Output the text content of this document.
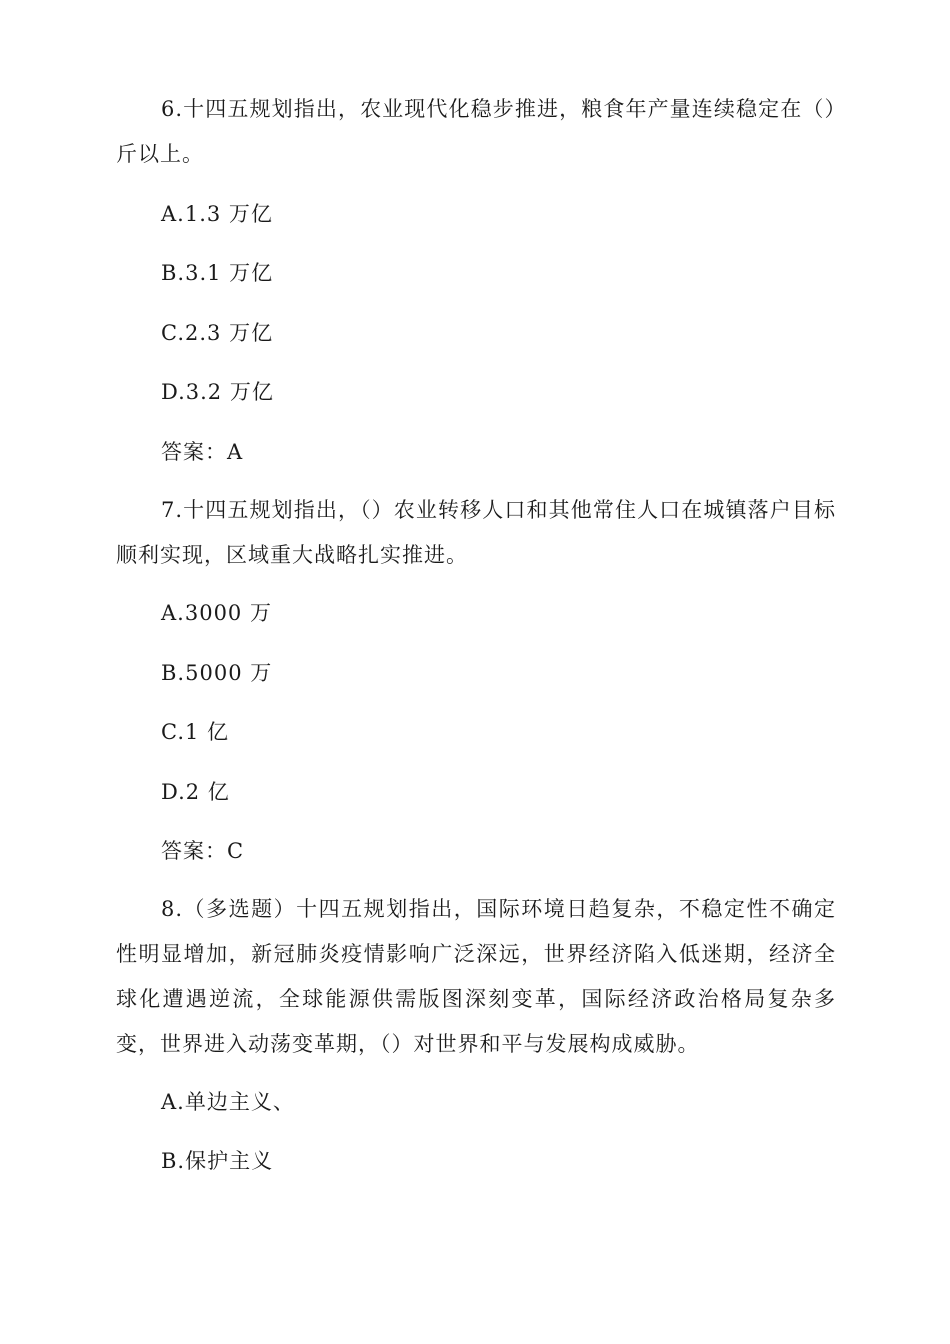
6.十四五规划指出，农业现代化稳步推进，粮食年产量连续稳定在（）斤以上。

A.1.3 万亿

B.3.1 万亿

C.2.3 万亿

D.3.2 万亿

答案：A

7.十四五规划指出，（）农业转移人口和其他常住人口在城镇落户目标顺利实现，区域重大战略扎实推进。

A.3000 万

B.5000 万

C.1 亿

D.2 亿

答案：C

8.（多选题）十四五规划指出，国际环境日趋复杂，不稳定性不确定性明显增加，新冠肺炎疫情影响广泛深远，世界经济陷入低迷期，经济全球化遭遇逆流，全球能源供需版图深刻变革，国际经济政治格局复杂多变，世界进入动荡变革期，（）对世界和平与发展构成威胁。

A.单边主义、

B.保护主义
